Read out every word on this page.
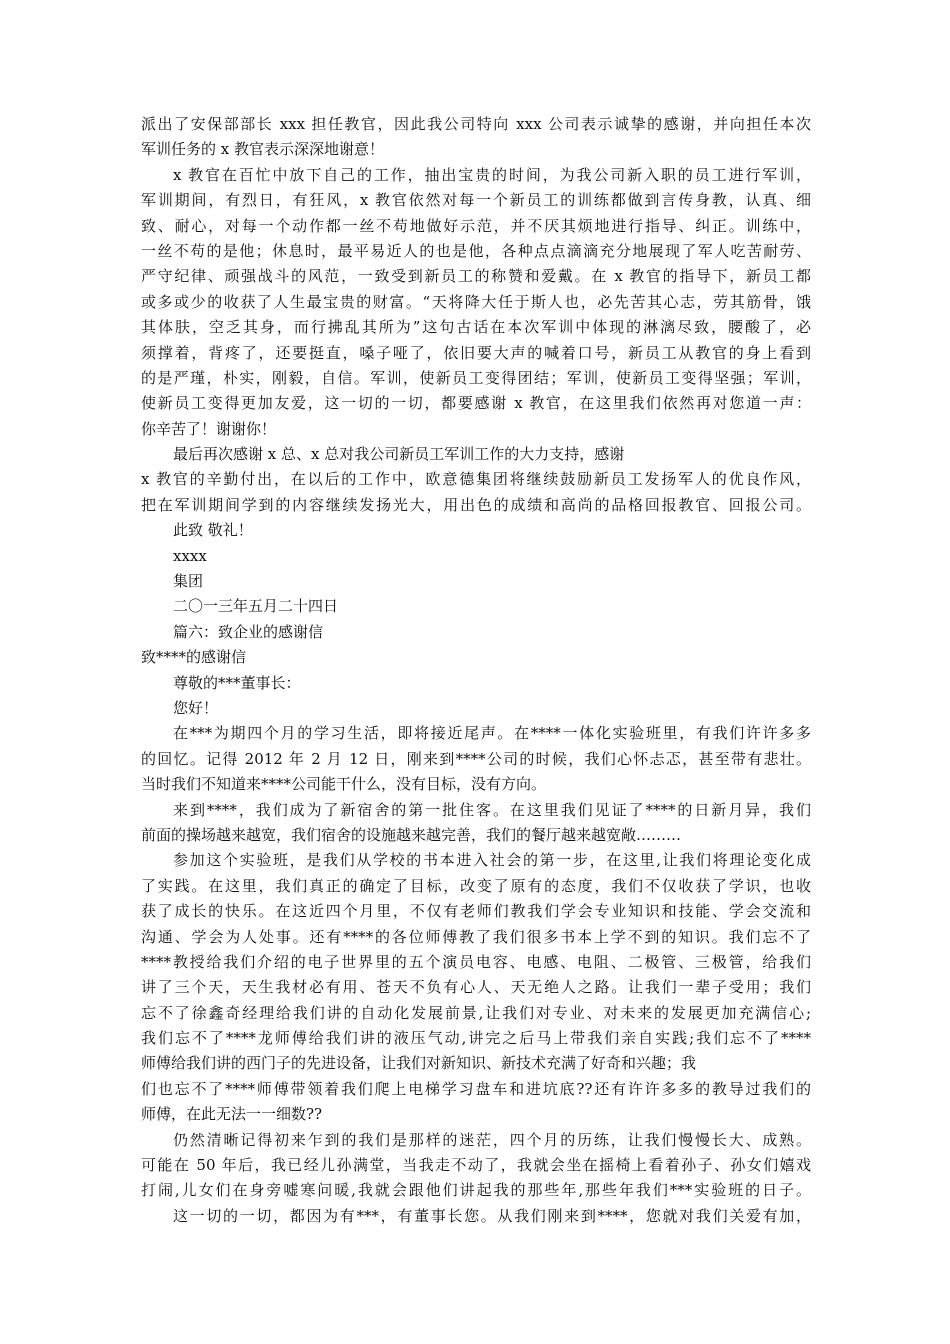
派出了安保部部长 xxx 担任教官，因此我公司特向 xxx 公司表示诚挚的感谢，并向担任本次
军训任务的 x 教官表示深深地谢意！
x 教官在百忙中放下自己的工作，抽出宝贵的时间，为我公司新入职的员工进行军训，
军训期间，有烈日，有狂风，x 教官依然对每一个新员工的训练都做到言传身教，认真、细
致、耐心，对每一个动作都一丝不苟地做好示范，并不厌其烦地进行指导、纠正。训练中，
一丝不苟的是他；休息时，最平易近人的也是他，各种点点滴滴充分地展现了军人吃苦耐劳、
严守纪律、顽强战斗的风范，一致受到新员工的称赞和爱戴。在 x 教官的指导下，新员工都
或多或少的收获了人生最宝贵的财富。“天将降大任于斯人也，必先苦其心志，劳其筋骨，饿
其体肤，空乏其身，而行拂乱其所为”这句古话在本次军训中体现的淋漓尽致，腰酸了，必
须撑着，背疼了，还要挺直，嗓子哑了，依旧要大声的喊着口号，新员工从教官的身上看到
的是严瑾，朴实，刚毅，自信。军训，使新员工变得团结；军训，使新员工变得坚强；军训，
使新员工变得更加友爱，这一切的一切，都要感谢 x 教官，在这里我们依然再对您道一声：
你辛苦了！谢谢你！
最后再次感谢 x 总、x 总对我公司新员工军训工作的大力支持，感谢
x 教官的辛勤付出，在以后的工作中，欧意德集团将继续鼓励新员工发扬军人的优良作风，
把在军训期间学到的内容继续发扬光大，用出色的成绩和高尚的品格回报教官、回报公司。
此致 敬礼！
xxxx
集团
二〇一三年五月二十四日
篇六：致企业的感谢信
致****的感谢信
尊敬的***董事长：
您好！
在***为期四个月的学习生活，即将接近尾声。在****一体化实验班里，有我们许许多多
的回忆。记得 2012 年 2 月 12 日，刚来到****公司的时候，我们心怀忐忑，甚至带有悲壮。
当时我们不知道来****公司能干什么，没有目标，没有方向。
来到****，我们成为了新宿舍的第一批住客。在这里我们见证了****的日新月异，我们
前面的操场越来越宽，我们宿舍的设施越来越完善，我们的餐厅越来越宽敞………
参加这个实验班，是我们从学校的书本进入社会的第一步，在这里,让我们将理论变化成
了实践。在这里，我们真正的确定了目标，改变了原有的态度，我们不仅收获了学识，也收
获了成长的快乐。在这近四个月里，不仅有老师们教我们学会专业知识和技能、学会交流和
沟通、学会为人处事。还有****的各位师傅教了我们很多书本上学不到的知识。我们忘不了
****教授给我们介绍的电子世界里的五个演员电容、电感、电阻、二极管、三极管，给我们
讲了三个天，天生我材必有用、苍天不负有心人、天无绝人之路。让我们一辈子受用；我们
忘不了徐鑫奇经理给我们讲的自动化发展前景,让我们对专业、对未来的发展更加充满信心;
我们忘不了****龙师傅给我们讲的液压气动,讲完之后马上带我们亲自实践;我们忘不了****
师傅给我们讲的西门子的先进设备，让我们对新知识、新技术充满了好奇和兴趣；我
们也忘不了****师傅带领着我们爬上电梯学习盘车和进坑底??还有许许多多的教导过我们的
师傅，在此无法一一细数??
仍然清晰记得初来乍到的我们是那样的迷茫，四个月的历练，让我们慢慢长大、成熟。
可能在 50 年后，我已经儿孙满堂，当我走不动了，我就会坐在摇椅上看着孙子、孙女们嬉戏
打闹,儿女们在身旁嘘寒问暖,我就会跟他们讲起我的那些年,那些年我们***实验班的日子。
这一切的一切，都因为有***，有董事长您。从我们刚来到****，您就对我们关爱有加，
